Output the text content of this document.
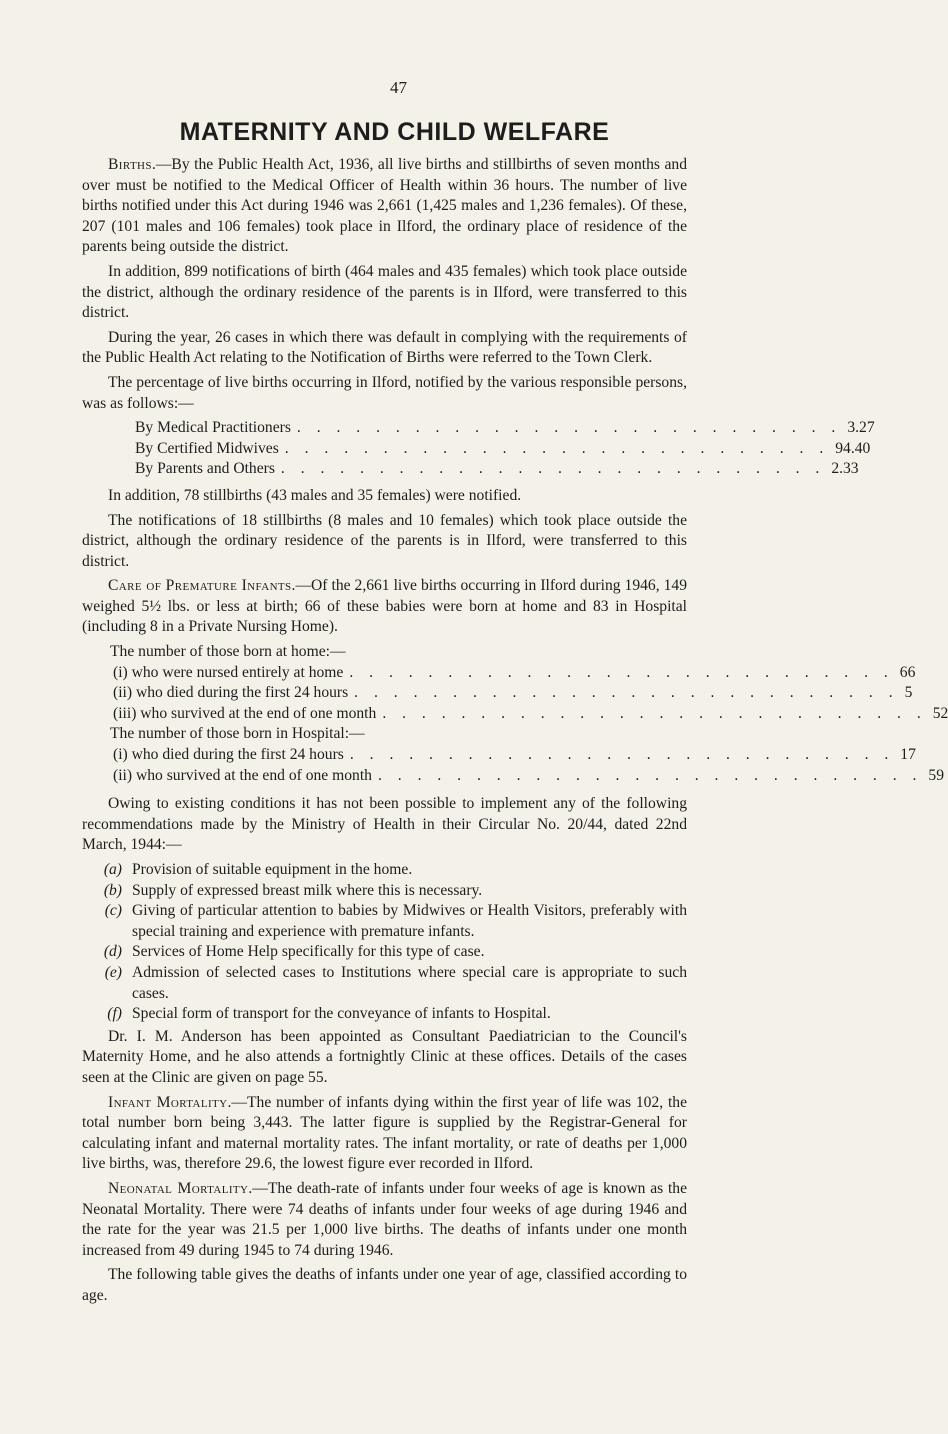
47
MATERNITY AND CHILD WELFARE

Births.—By the Public Health Act, 1936, all live births and stillbirths of seven months and over must be notified to the Medical Officer of Health within 36 hours. The number of live births notified under this Act during 1946 was 2,661 (1,425 males and 1,236 females). Of these, 207 (101 males and 106 females) took place in Ilford, the ordinary place of residence of the parents being outside the district.

In addition, 899 notifications of birth (464 males and 435 females) which took place outside the district, although the ordinary residence of the parents is in Ilford, were transferred to this district.

During the year, 26 cases in which there was default in complying with the requirements of the Public Health Act relating to the Notification of Births were referred to the Town Clerk.

The percentage of live births occurring in Ilford, notified by the various responsible persons, was as follows:—

By Medical Practitioners . . . . . . . . . . . . . . . . . . . . . . . . . . . . 3.27
By Certified Midwives . . . . . . . . . . . . . . . . . . . . . . . . . . . . 94.40
By Parents and Others . . . . . . . . . . . . . . . . . . . . . . . . . . . . 2.33

In addition, 78 stillbirths (43 males and 35 females) were notified.

The notifications of 18 stillbirths (8 males and 10 females) which took place outside the district, although the ordinary residence of the parents is in Ilford, were transferred to this district.

Care of Premature Infants.—Of the 2,661 live births occurring in Ilford during 1946, 149 weighed 5½ lbs. or less at birth; 66 of these babies were born at home and 83 in Hospital (including 8 in a Private Nursing Home).

The number of those born at home:—
(i) who were nursed entirely at home . . . . . . . . . . . . . . . . . . . . . . . . . . . . 66
(ii) who died during the first 24 hours . . . . . . . . . . . . . . . . . . . . . . . . . . . . 5
(iii) who survived at the end of one month . . . . . . . . . . . . . . . . . . . . . . . . . . . . 52
The number of those born in Hospital:—
(i) who died during the first 24 hours . . . . . . . . . . . . . . . . . . . . . . . . . . . . 17
(ii) who survived at the end of one month . . . . . . . . . . . . . . . . . . . . . . . . . . . . 59

Owing to existing conditions it has not been possible to implement any of the following recommendations made by the Ministry of Health in their Circular No. 20/44, dated 22nd March, 1944:—

(a) Provision of suitable equipment in the home.
(b) Supply of expressed breast milk where this is necessary.
(c) Giving of particular attention to babies by Midwives or Health Visitors, preferably with special training and experience with premature infants.
(d) Services of Home Help specifically for this type of case.
(e) Admission of selected cases to Institutions where special care is appropriate to such cases.
(f) Special form of transport for the conveyance of infants to Hospital.

Dr. I. M. Anderson has been appointed as Consultant Paediatrician to the Council's Maternity Home, and he also attends a fortnightly Clinic at these offices. Details of the cases seen at the Clinic are given on page 55.

Infant Mortality.—The number of infants dying within the first year of life was 102, the total number born being 3,443. The latter figure is supplied by the Registrar-General for calculating infant and maternal mortality rates. The infant mortality, or rate of deaths per 1,000 live births, was, therefore 29.6, the lowest figure ever recorded in Ilford.

Neonatal Mortality.—The death-rate of infants under four weeks of age is known as the Neonatal Mortality. There were 74 deaths of infants under four weeks of age during 1946 and the rate for the year was 21.5 per 1,000 live births. The deaths of infants under one month increased from 49 during 1945 to 74 during 1946.

The following table gives the deaths of infants under one year of age, classified according to age.
